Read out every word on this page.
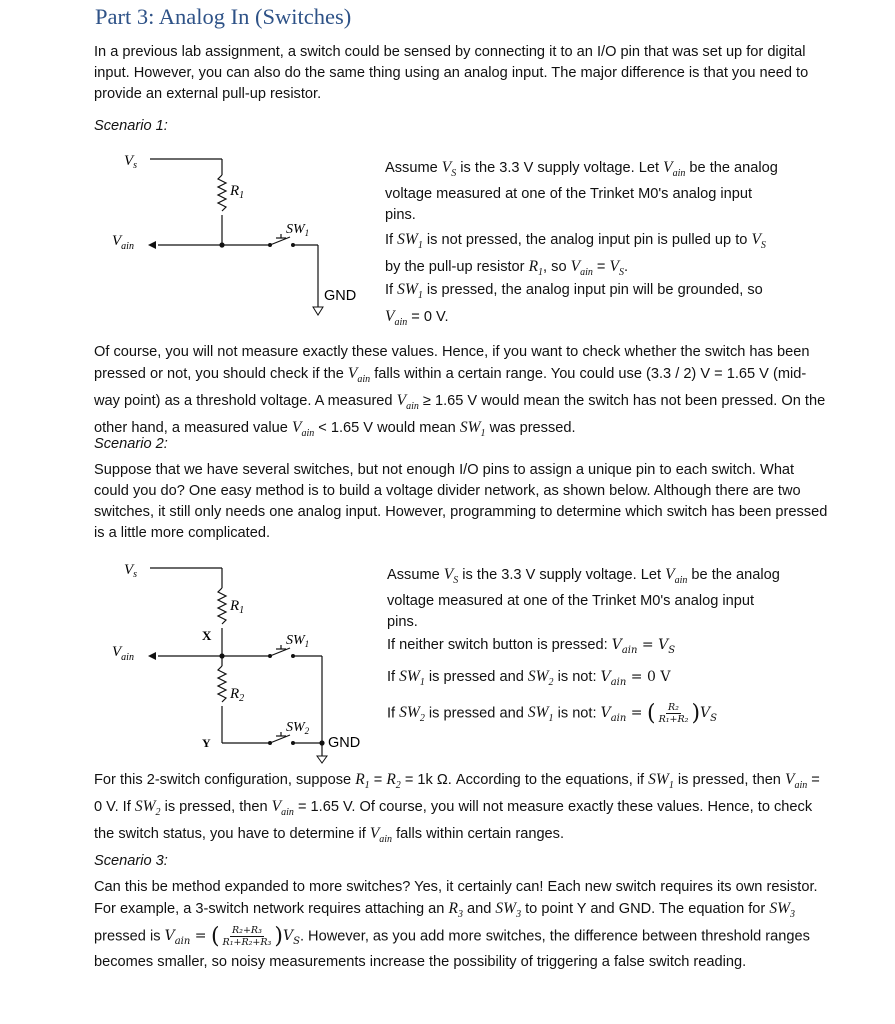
Part 3: Analog In (Switches)

In a previous lab assignment, a switch could be sensed by connecting it to an I/O pin that was set up for digital input. However, you can also do the same thing using an analog input. The major difference is that you need to provide an external pull-up resistor.

Scenario 1:

$V_s$
$R_1$
$SW_1$
$V_{ain}$
GND

Assume $V_S$ is the 3.3 V supply voltage. Let $V_{ain}$ be the analog voltage measured at one of the Trinket M0's analog input pins.

If $SW_1$ is not pressed, the analog input pin is pulled up to $V_S$ by the pull-up resistor $R_1$, so $V_{ain} = V_S$.

If $SW_1$ is pressed, the analog input pin will be grounded, so $V_{ain} = 0$ V.

Of course, you will not measure exactly these values. Hence, if you want to check whether the switch has been pressed or not, you should check if the $V_{ain}$ falls within a certain range. You could use (3.3 / 2) V = 1.65 V (mid-way point) as a threshold voltage. A measured $V_{ain} \ge 1.65$ V would mean the switch has not been pressed. On the other hand, a measured value $V_{ain} < 1.65$ V would mean $SW_1$ was pressed.

Scenario 2:

Suppose that we have several switches, but not enough I/O pins to assign a unique pin to each switch. What could you do? One easy method is to build a voltage divider network, as shown below. Although there are two switches, it still only needs one analog input. However, programming to determine which switch has been pressed is a little more complicated.

$V_s$
$R_1$
$R_2$
$SW_1$
$SW_2$
$V_{ain}$
X
Y	GND

Assume $V_S$ is the 3.3 V supply voltage. Let $V_{ain}$ be the analog voltage measured at one of the Trinket M0's analog input pins.

If neither switch button is pressed: $V_{ain} = V_S$

If $SW_1$ is pressed and $SW_2$ is not: $V_{ain} = 0$ V

If $SW_2$ is pressed and $SW_1$ is not: $V_{ain}$ = ( $\frac{\text{R₂}}{\text{R₁+R₂}} )V_S$

For this 2-switch configuration, suppose $R_1 = R_2 = 1k$ Ω. According to the equations, if $SW_1$ is pressed, then $V_{ain} = 0$ V. If $SW_2$ is pressed, then $V_{ain} = 1.65$ V. Of course, you will not measure exactly these values. Hence, to check the switch status, you have to determine if $V_{ain}$ falls within certain ranges.

Scenario 3:

Can this be method expanded to more switches? Yes, it certainly can! Each new switch requires its own resistor. For example, a 3-switch network requires attaching an $R_3$ and $SW_3$ to point Y and GND. The equation for $SW_3$ pressed is $V_{ain}$ = ( $\frac{\text{R₂+R₃}}{\text{R₁+R₂+R₃}} )V_S$. However, as you add more switches, the difference between threshold ranges becomes smaller, so noisy measurements increase the possibility of triggering a false switch reading.
